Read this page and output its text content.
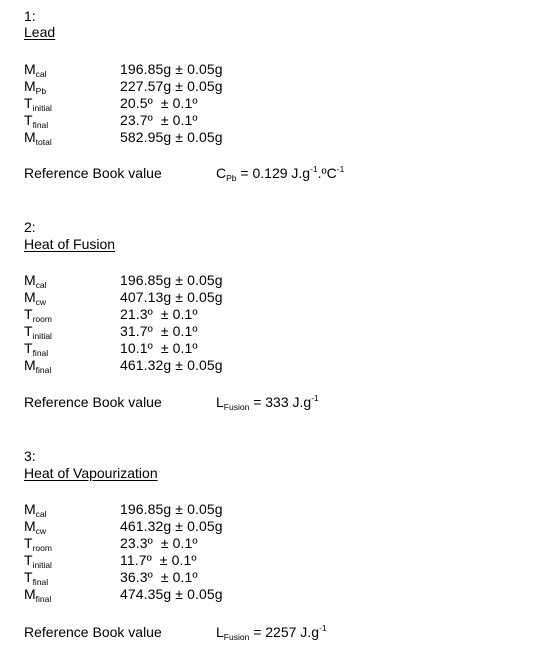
1:
Lead
$M_{cal}$	196.85g ± 0.05g
$M_{Pb}$	227.57g ± 0.05g
$T_{initial}$	20.5º  ± 0.1º
$T_{final}$	23.7º  ± 0.1º
$M_{total}$	582.95g ± 0.05g
Reference Book value	$C_{Pb} = 0.129$ $J.g^{-1}.ºC^{-1}$
2:
Heat of Fusion
$M_{cal}$	196.85g ± 0.05g
$M_{cw}$	407.13g ± 0.05g
$T_{room}$	21.3º  ± 0.1º
$T_{initial}$	31.7º  ± 0.1º
$T_{final}$	10.1º  ± 0.1º
$M_{final}$	461.32g ± 0.05g
Reference Book value	$L_{Fusion} = 333$ $J.g^{-1}$
3:
Heat of Vapourization
$M_{cal}$	196.85g ± 0.05g
$M_{cw}$	461.32g ± 0.05g
$T_{room}$	23.3º  ± 0.1º
$T_{initial}$	11.7º  ± 0.1º
$T_{final}$	36.3º  ± 0.1º
$M_{final}$	474.35g ± 0.05g
Reference Book value	$L_{Fusion} = 2257$ $J.g^{-1}$
